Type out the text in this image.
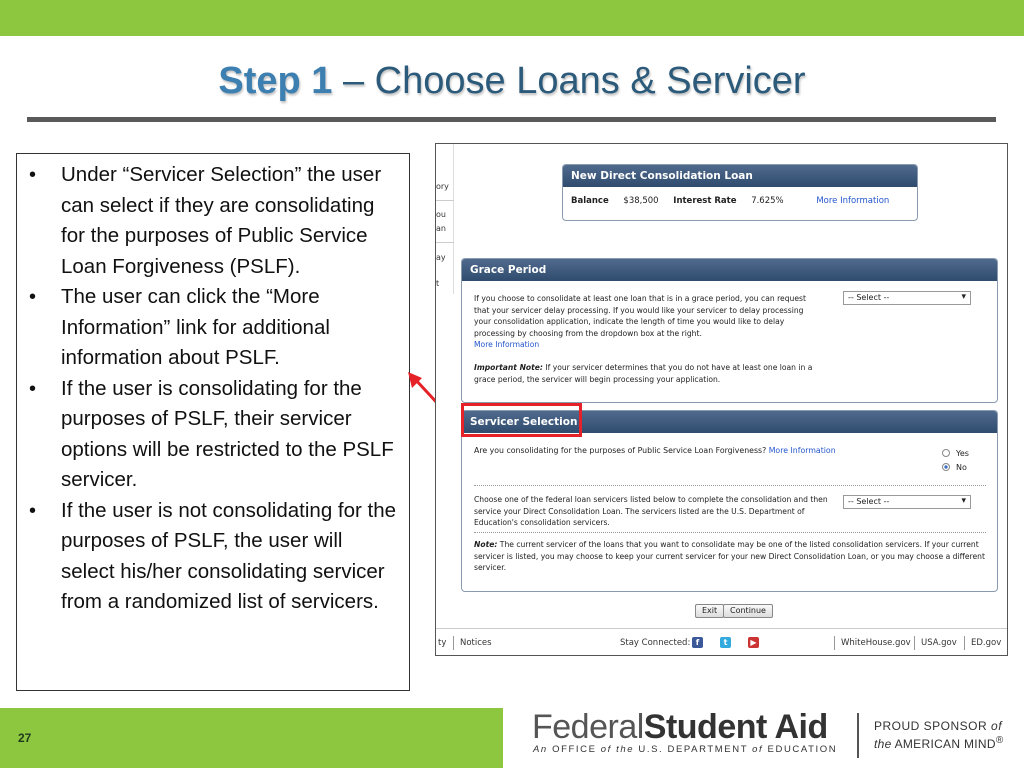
Step 1 – Choose Loans & Servicer
• Under “Servicer Selection” the user can select if they are consolidating for the purposes of Public Service Loan Forgiveness (PSLF).
• The user can click the “More Information” link for additional information about PSLF.
• If the user is consolidating for the purposes of PSLF, their servicer options will be restricted to the PSLF servicer.
• If the user is not consolidating for the purposes of PSLF, the user will select his/her consolidating servicer from a randomized list of servicers.
ory
ou
an
ay
t
New Direct Consolidation Loan
Balance $38,500 Interest Rate 7.625%	More Information
Grace Period
If you choose to consolidate at least one loan that is in a grace period, you can request that your servicer delay processing. If you would like your servicer to delay processing your consolidation application, indicate the length of time you would like to delay processing by choosing from the dropdown box at the right.
More Information

Important Note: If your servicer determines that you do not have at least one loan in a grace period, the servicer will begin processing your application.
-- Select -- ▾
Servicer Selection
Are you consolidating for the purposes of Public Service Loan Forgiveness? More Information	Yes
No
Choose one of the federal loan servicers listed below to complete the consolidation and then service your Direct Consolidation Loan. The servicers listed are the U.S. Department of Education's consolidation servicers.
-- Select -- ▾
Note: The current servicer of the loans that you want to consolidate may be one of the listed consolidation servicers. If your current servicer is listed, you may choose to keep your current servicer for your new Direct Consolidation Loan, or you may choose a different servicer.
Exit	Continue
ty Notices	Stay Connected: f	t	▶	WhiteHouse.gov USA.gov ED.gov
27	FederalStudent Aid
An OFFICE of the U.S. DEPARTMENT of EDUCATION
PROUD SPONSOR of
the AMERICAN MIND®
